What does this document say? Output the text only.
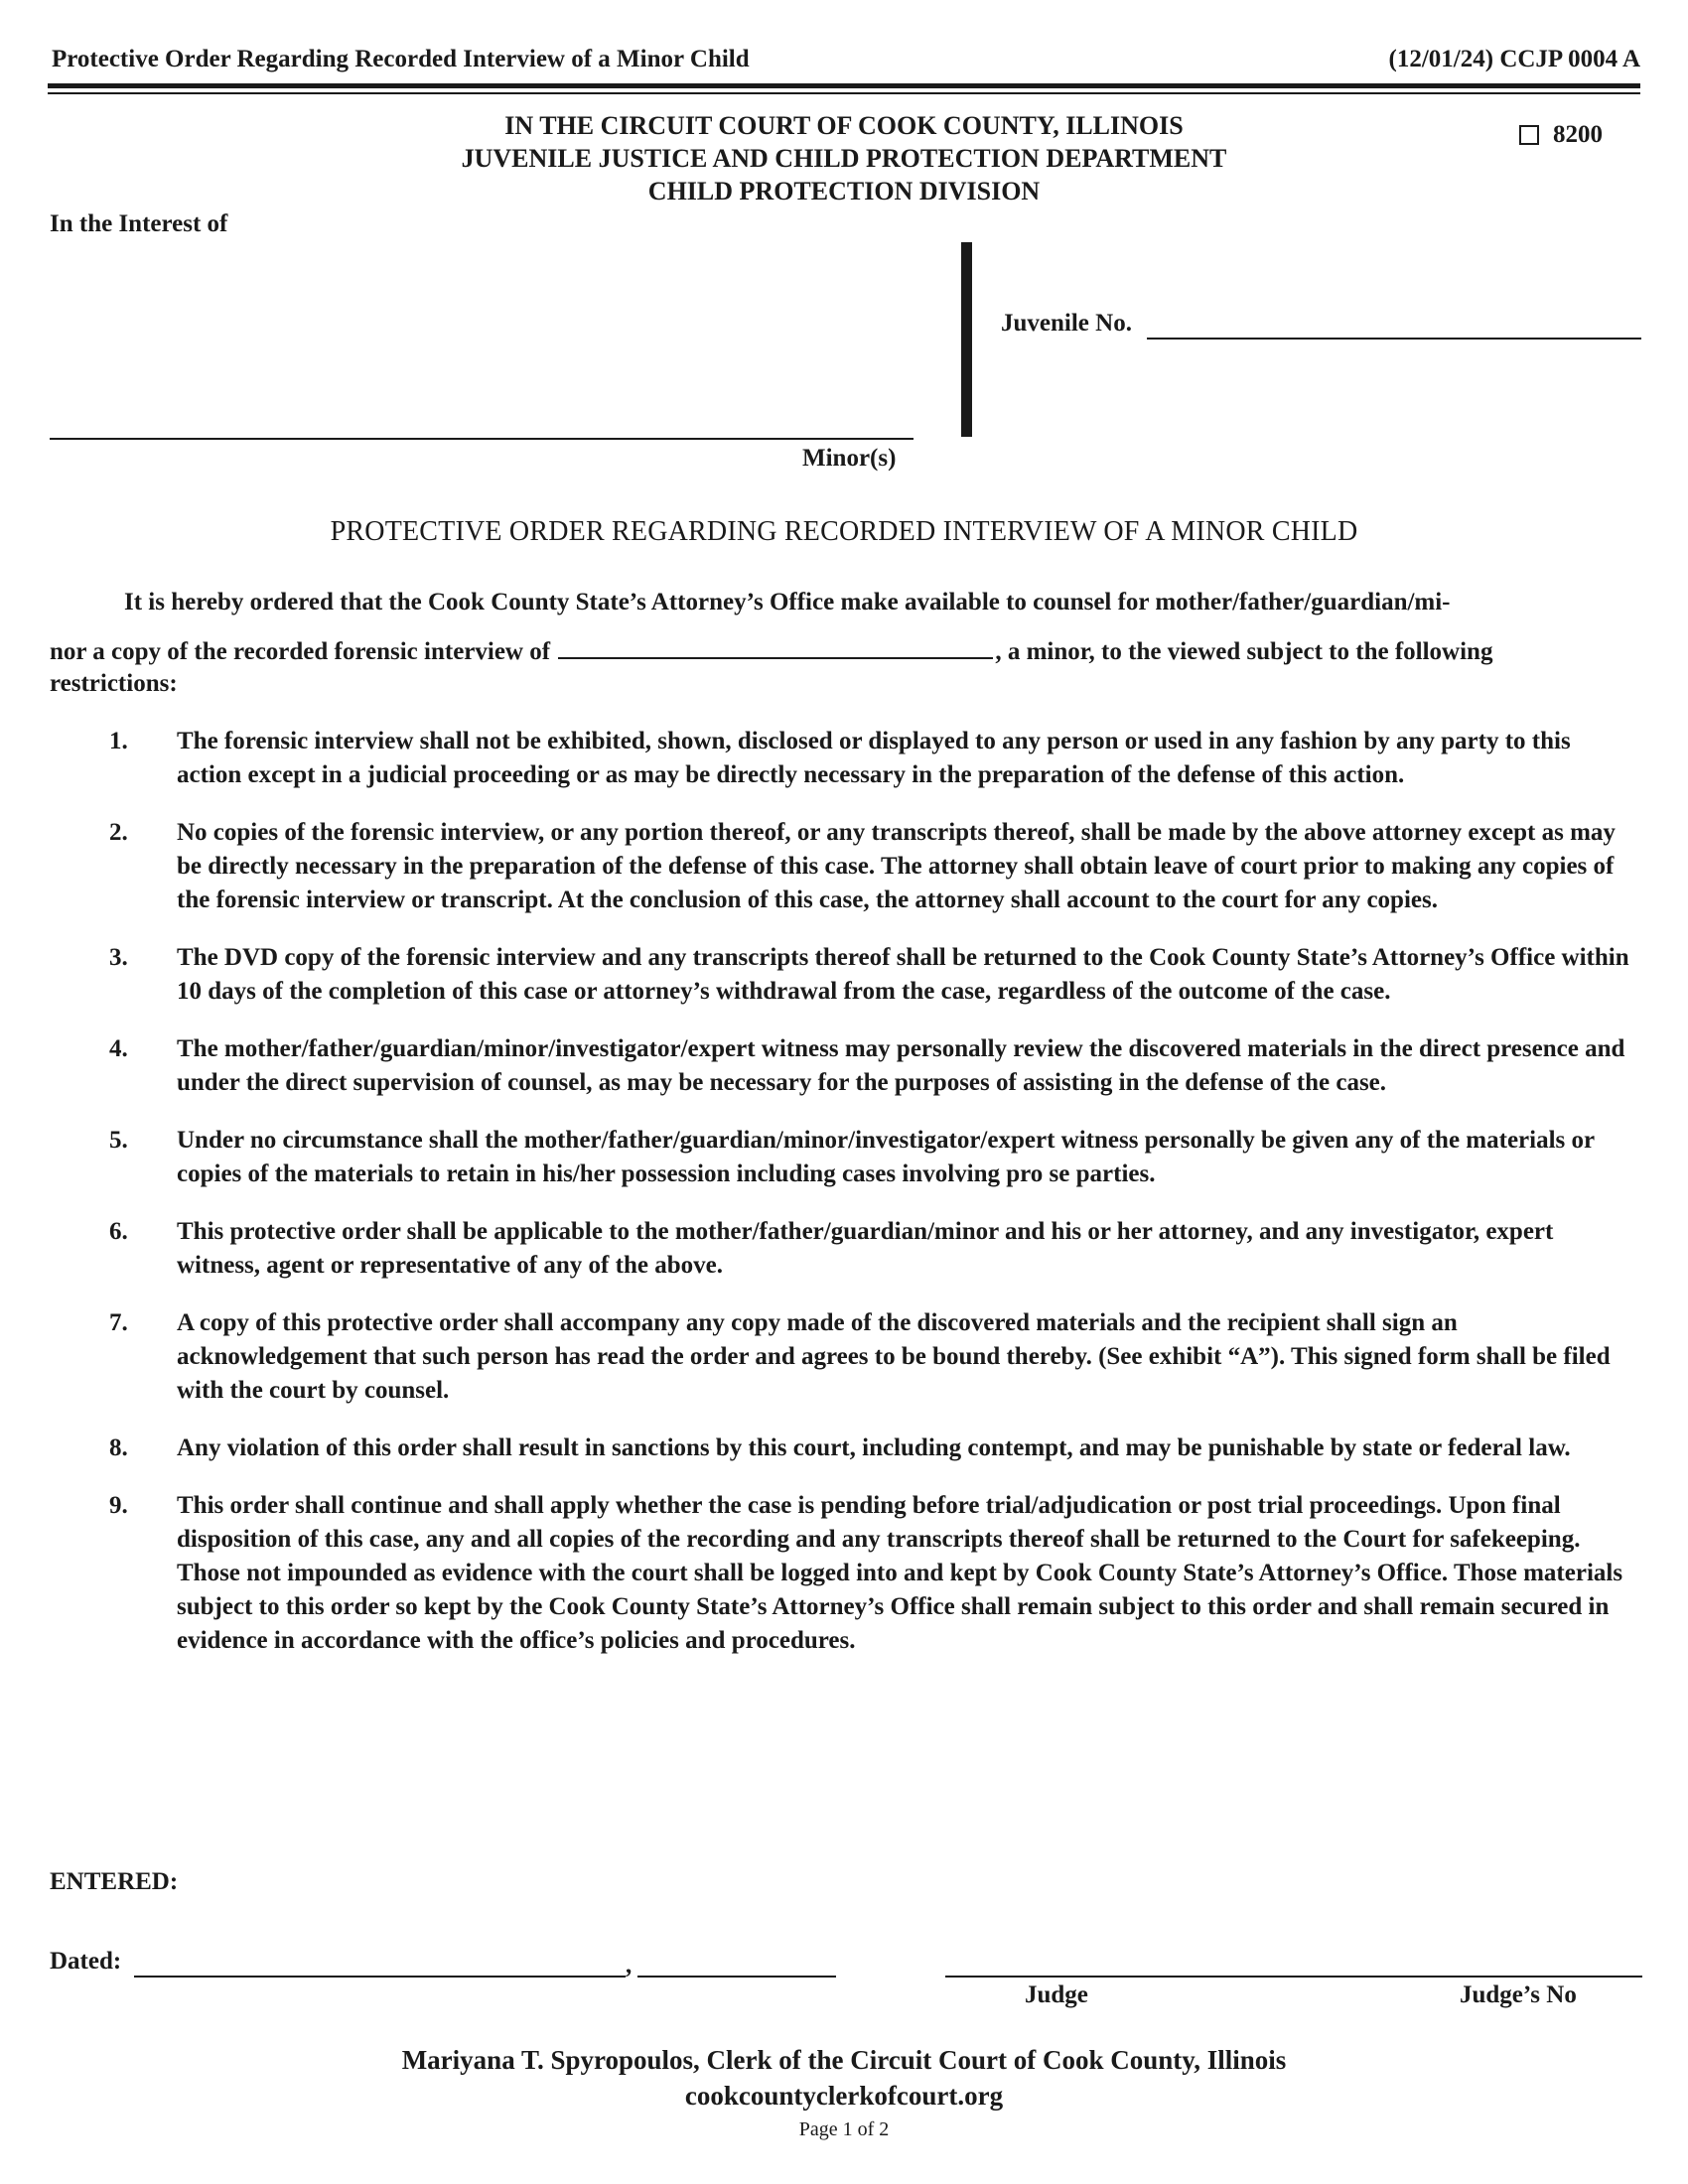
Protective Order Regarding Recorded Interview of a Minor Child	(12/01/24) CCJP 0004 A
IN THE CIRCUIT COURT OF COOK COUNTY, ILLINOIS
JUVENILE JUSTICE AND CHILD PROTECTION DEPARTMENT
CHILD PROTECTION DIVISION
8200
In the Interest of
Juvenile No.
Minor(s)
PROTECTIVE ORDER REGARDING RECORDED INTERVIEW OF A MINOR CHILD
It is hereby ordered that the Cook County State’s Attorney’s Office make available to counsel for mother/father/guardian/mi-
nor a copy of the recorded forensic interview of	, a minor, to the viewed subject to the following
restrictions:
1.	The forensic interview shall not be exhibited, shown, disclosed or displayed to any person or used in any fashion by any party to this action except in a judicial proceeding or as may be directly necessary in the preparation of the defense of this action.
2.	No copies of the forensic interview, or any portion thereof, or any transcripts thereof, shall be made by the above attorney except as may be directly necessary in the preparation of the defense of this case. The attorney shall obtain leave of court prior to making any copies of the forensic interview or transcript. At the conclusion of this case, the attorney shall account to the court for any copies.
3.	The DVD copy of the forensic interview and any transcripts thereof shall be returned to the Cook County State’s Attorney’s Office within 10 days of the completion of this case or attorney’s withdrawal from the case, regardless of the outcome of the case.
4.	The mother/father/guardian/minor/investigator/expert witness may personally review the discovered materials in the direct presence and under the direct supervision of counsel, as may be necessary for the purposes of assisting in the defense of the case.
5.	Under no circumstance shall the mother/father/guardian/minor/investigator/expert witness personally be given any of the materials or copies of the materials to retain in his/her possession including cases involving pro se parties.
6.	This protective order shall be applicable to the mother/father/guardian/minor and his or her attorney, and any investigator, expert witness, agent or representative of any of the above.
7.	A copy of this protective order shall accompany any copy made of the discovered materials and the recipient shall sign an acknowledgement that such person has read the order and agrees to be bound thereby. (See exhibit “A”). This signed form shall be filed with the court by counsel.
8.	Any violation of this order shall result in sanctions by this court, including contempt, and may be punishable by state or federal law.
9.	This order shall continue and shall apply whether the case is pending before trial/adjudication or post trial proceedings. Upon final disposition of this case, any and all copies of the recording and any transcripts thereof shall be returned to the Court for safekeeping. Those not impounded as evidence with the court shall be logged into and kept by Cook County State’s Attorney’s Office. Those materials subject to this order so kept by the Cook County State’s Attorney’s Office shall remain subject to this order and shall remain secured in evidence in accordance with the office’s policies and procedures.
ENTERED:
Dated:	,
Judge	Judge’s No
Mariyana T. Spyropoulos, Clerk of the Circuit Court of Cook County, Illinois
cookcountyclerkofcourt.org
Page 1 of 2
